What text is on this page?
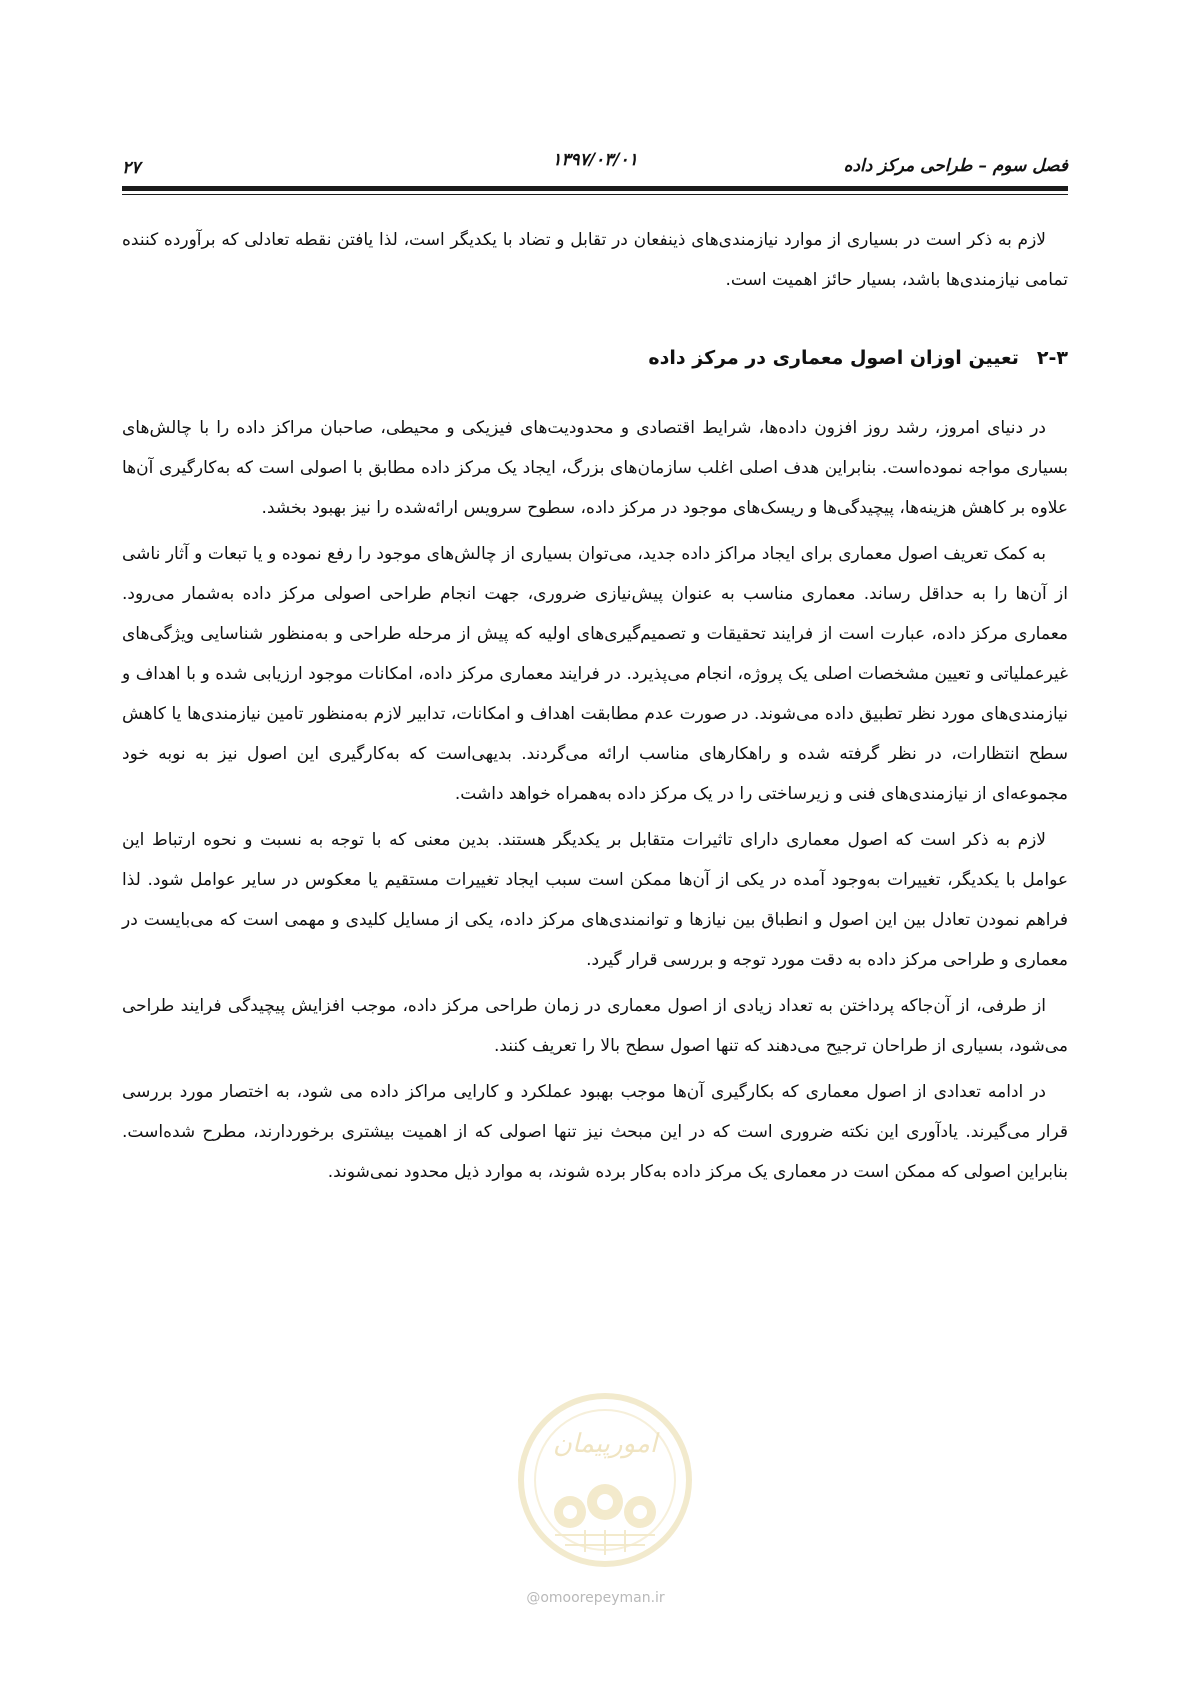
فصل سوم – طراحی مرکز داده
۱۳۹۷/۰۳/۰۱
۲۷

لازم به ذکر است در بسیاری از موارد نیازمندی‌های ذینفعان در تقابل و تضاد با یکدیگر است، لذا یافتن نقطه تعادلی که برآورده کننده تمامی نیازمندی‌ها باشد، بسیار حائز اهمیت است.

۲-۳تعیین اوزان اصول معماری در مرکز داده

در دنیای امروز، رشد روز افزون داده‌ها، شرایط اقتصادی و محدودیت‌های فیزیکی و محیطی، صاحبان مراکز داده را با چالش‌های بسیاری مواجه نموده‌است. بنابراین هدف اصلی اغلب سازمان‌های بزرگ، ایجاد یک مرکز داده مطابق با اصولی است که به‌کارگیری آن‌ها علاوه بر کاهش هزینه‌ها، پیچیدگی‌ها و ریسک‌های موجود در مرکز داده، سطوح سرویس ارائه‌شده را نیز بهبود بخشد.

به کمک تعریف اصول معماری برای ایجاد مراکز داده جدید، می‌توان بسیاری از چالش‌های موجود را رفع نموده و یا تبعات و آثار ناشی از آن‌ها را به حداقل رساند. معماری مناسب به عنوان پیش‌نیازی ضروری، جهت انجام طراحی اصولی مرکز داده به‌شمار می‌رود. معماری مرکز داده، عبارت است از فرایند تحقیقات و تصمیم‌گیری‌های اولیه که پیش از مرحله طراحی و به‌منظور شناسایی ویژگی‌های غیرعملیاتی و تعیین مشخصات اصلی یک پروژه، انجام می‌پذیرد. در فرایند معماری مرکز داده، امکانات موجود ارزیابی شده و با اهداف و نیازمندی‌های مورد نظر تطبیق داده می‌شوند. در صورت عدم مطابقت اهداف و امکانات، تدابیر لازم به‌منظور تامین نیازمندی‌ها یا کاهش سطح انتظارات، در نظر گرفته شده و راهکارهای مناسب ارائه می‌گردند. بدیهی‌است که به‌کارگیری این اصول نیز به نوبه خود مجموعه‌ای از نیازمندی‌های فنی و زیرساختی را در یک مرکز داده به‌همراه خواهد داشت.

لازم به ذکر است که اصول معماری دارای تاثیرات متقابل بر یکدیگر هستند. بدین معنی که با توجه به نسبت و نحوه ارتباط این عوامل با یکدیگر، تغییرات به‌وجود آمده در یکی از آن‌ها ممکن است سبب ایجاد تغییرات مستقیم یا معکوس در سایر عوامل شود. لذا فراهم نمودن تعادل بین این اصول و انطباق بین نیازها و توانمندی‌های مرکز داده، یکی از مسایل کلیدی و مهمی است که می‌بایست در معماری و طراحی مرکز داده به دقت مورد توجه و بررسی قرار گیرد.

از طرفی، از آن‌جاکه پرداختن به تعداد زیادی از اصول معماری در زمان طراحی مرکز داده، موجب افزایش پیچیدگی فرایند طراحی می‌شود، بسیاری از طراحان ترجیح می‌دهند که تنها اصول سطح بالا را تعریف کنند.

در ادامه تعدادی از اصول معماری که بکارگیری آن‌ها موجب بهبود عملکرد و کارایی مراکز داده می شود، به اختصار مورد بررسی قرار می‌گیرند. یادآوری این نکته ضروری است که در این مبحث نیز تنها اصولی که از اهمیت بیشتری برخوردارند، مطرح شده‌است. بنابراین اصولی که ممکن است در معماری یک مرکز داده به‌کار برده شوند، به موارد ذیل محدود نمی‌شوند.

امورپیمان
@omoorepeyman.ir
